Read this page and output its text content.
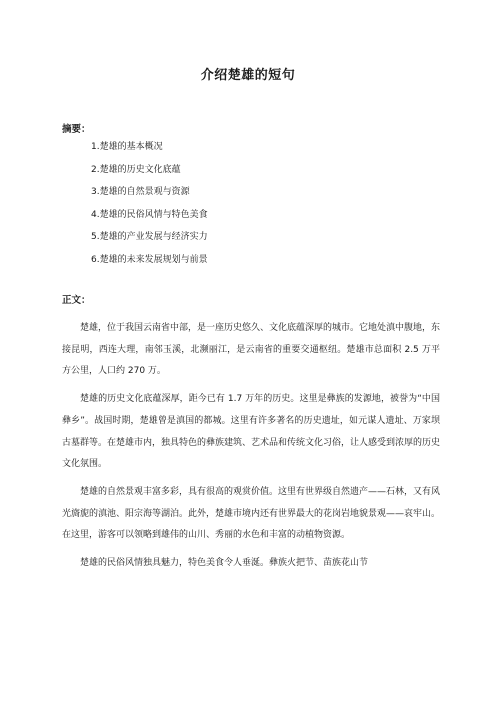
介绍楚雄的短句
摘要：
1.楚雄的基本概况
2.楚雄的历史文化底蕴
3.楚雄的自然景观与资源
4.楚雄的民俗风情与特色美食
5.楚雄的产业发展与经济实力
6.楚雄的未来发展规划与前景
正文：

楚雄，位于我国云南省中部，是一座历史悠久、文化底蕴深厚的城市。它地处滇中腹地，东接昆明，西连大理，南邻玉溪，北濒丽江，是云南省的重要交通枢纽。楚雄市总面积 2.5 万平方公里，人口约 270 万。

楚雄的历史文化底蕴深厚，距今已有 1.7 万年的历史。这里是彝族的发源地，被誉为“中国彝乡”。战国时期，楚雄曾是滇国的都城。这里有许多著名的历史遗址，如元谋人遗址、万家坝古墓群等。在楚雄市内，独具特色的彝族建筑、艺术品和传统文化习俗，让人感受到浓厚的历史文化氛围。

楚雄的自然景观丰富多彩，具有很高的观赏价值。这里有世界级自然遗产——石林，又有风光旖旎的滇池、阳宗海等湖泊。此外，楚雄市境内还有世界最大的花岗岩地貌景观——哀牢山。在这里，游客可以领略到雄伟的山川、秀丽的水色和丰富的动植物资源。

楚雄的民俗风情独具魅力，特色美食令人垂涎。彝族火把节、苗族花山节
